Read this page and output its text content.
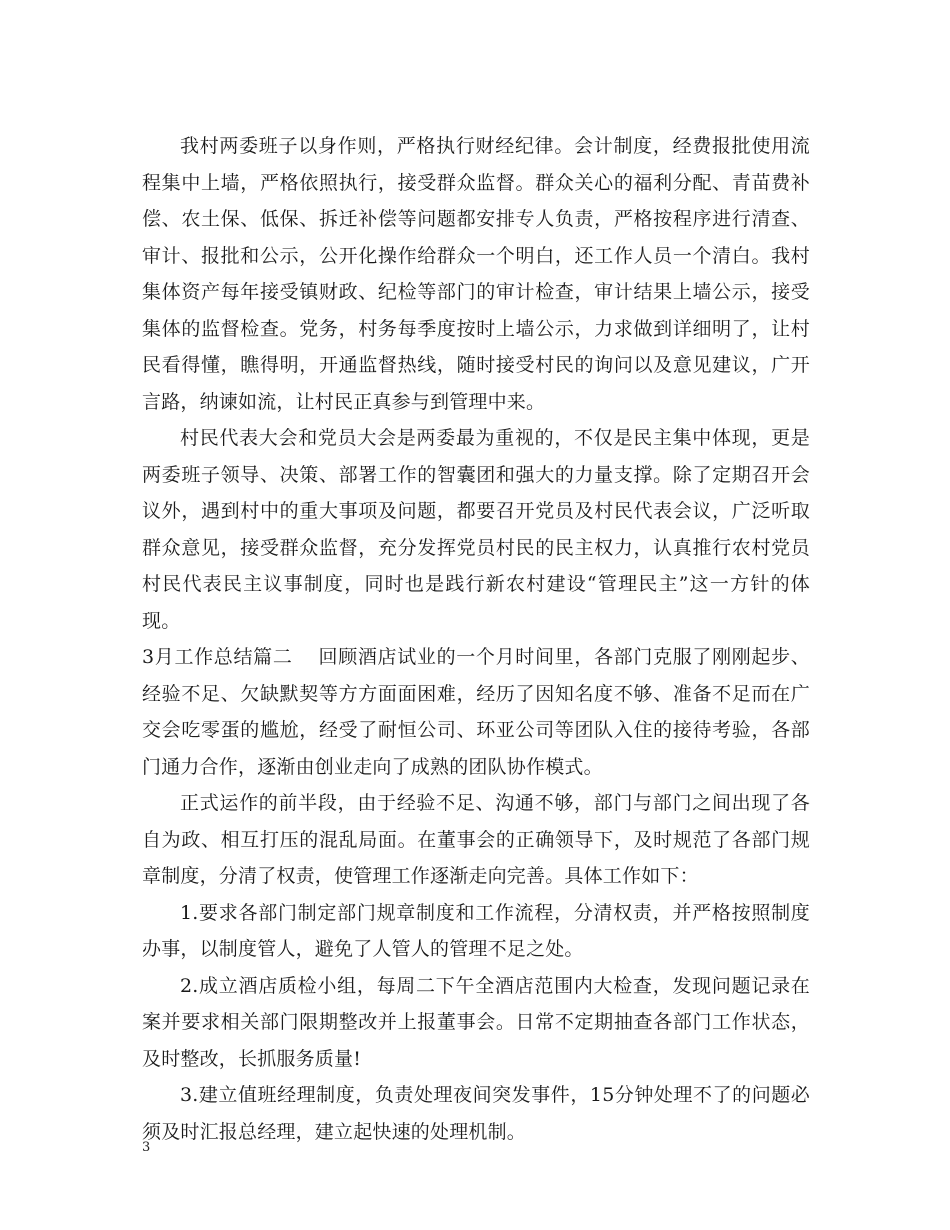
我村两委班子以身作则，严格执行财经纪律。会计制度，经费报批使用流程集中上墙，严格依照执行，接受群众监督。群众关心的福利分配、青苗费补偿、农土保、低保、拆迁补偿等问题都安排专人负责，严格按程序进行清查、审计、报批和公示，公开化操作给群众一个明白，还工作人员一个清白。我村集体资产每年接受镇财政、纪检等部门的审计检查，审计结果上墙公示，接受集体的监督检查。党务，村务每季度按时上墙公示，力求做到详细明了，让村民看得懂，瞧得明，开通监督热线，随时接受村民的询问以及意见建议，广开言路，纳谏如流，让村民正真参与到管理中来。

村民代表大会和党员大会是两委最为重视的，不仅是民主集中体现，更是两委班子领导、决策、部署工作的智囊团和强大的力量支撑。除了定期召开会议外，遇到村中的重大事项及问题，都要召开党员及村民代表会议，广泛听取群众意见，接受群众监督，充分发挥党员村民的民主权力，认真推行农村党员村民代表民主议事制度，同时也是践行新农村建设“管理民主”这一方针的体现。

3月工作总结篇二 回顾酒店试业的一个月时间里，各部门克服了刚刚起步、经验不足、欠缺默契等方方面面困难，经历了因知名度不够、准备不足而在广交会吃零蛋的尴尬，经受了耐恒公司、环亚公司等团队入住的接待考验，各部门通力合作，逐渐由创业走向了成熟的团队协作模式。

正式运作的前半段，由于经验不足、沟通不够，部门与部门之间出现了各自为政、相互打压的混乱局面。在董事会的正确领导下，及时规范了各部门规章制度，分清了权责，使管理工作逐渐走向完善。具体工作如下：

1.要求各部门制定部门规章制度和工作流程，分清权责，并严格按照制度办事，以制度管人，避免了人管人的管理不足之处。

2.成立酒店质检小组，每周二下午全酒店范围内大检查，发现问题记录在案并要求相关部门限期整改并上报董事会。日常不定期抽查各部门工作状态，及时整改，长抓服务质量!

3.建立值班经理制度，负责处理夜间突发事件，15分钟处理不了的问题必须及时汇报总经理，建立起快速的处理机制。

3
